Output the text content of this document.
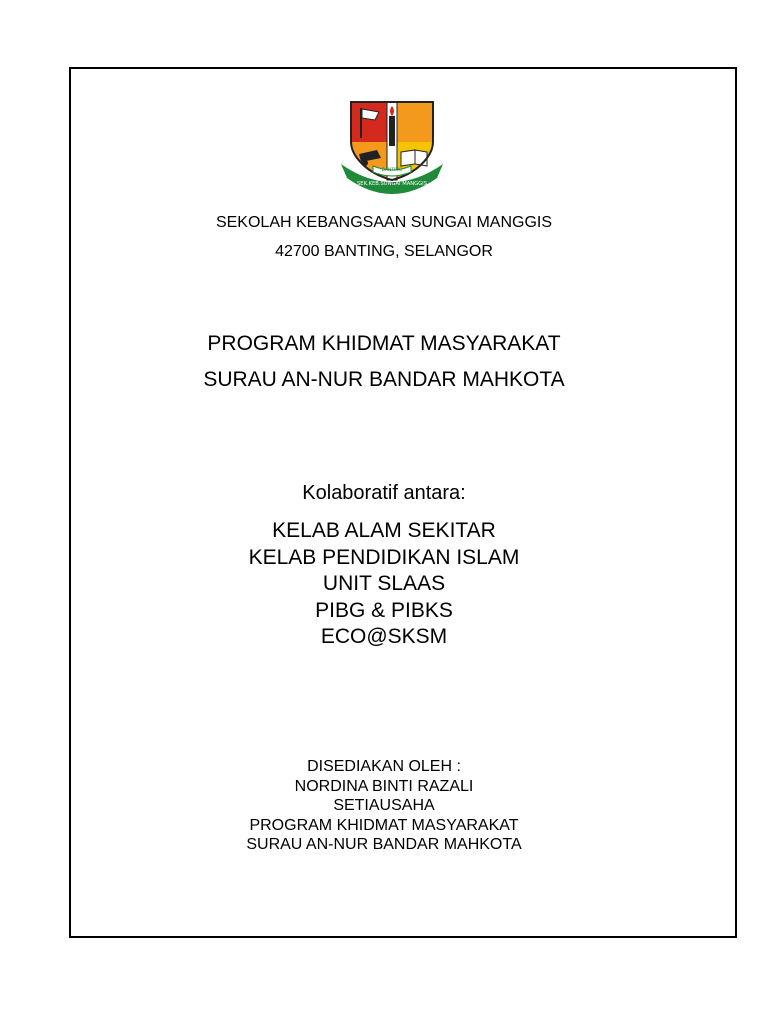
BANTING
SEK.KEB.SUNGAI MANGGIS
SEKOLAH KEBANGSAAN SUNGAI MANGGIS
42700 BANTING, SELANGOR
PROGRAM KHIDMAT MASYARAKAT
SURAU AN-NUR BANDAR MAHKOTA
Kolaboratif antara:
KELAB ALAM SEKITAR
KELAB PENDIDIKAN ISLAM
UNIT SLAAS
PIBG & PIBKS
ECO@SKSM
DISEDIAKAN OLEH :
NORDINA BINTI RAZALI
SETIAUSAHA
PROGRAM KHIDMAT MASYARAKAT
SURAU AN-NUR BANDAR MAHKOTA
